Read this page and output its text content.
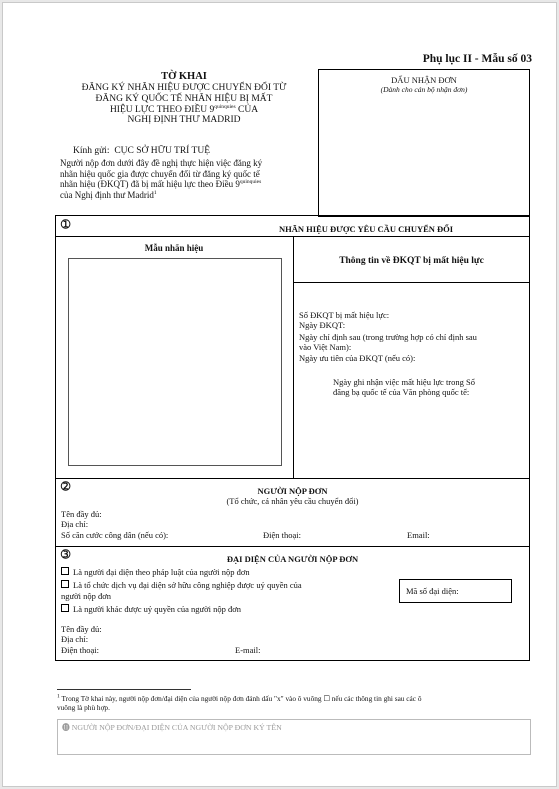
Phụ lục II - Mẫu số 03
TỜ KHAI
ĐĂNG KÝ NHÃN HIỆU ĐƯỢC CHUYỂN ĐỔI TỪ
ĐĂNG KÝ QUỐC TẾ NHÃN HIỆU BỊ MẤT
HIỆU LỰC THEO ĐIỀU $9^{quinquies}$ CỦA
NGHỊ ĐỊNH THƯ MADRID
Kính gửi: CỤC SỞ HỮU TRÍ TUỆ
Người nộp đơn dưới đây đề nghị thực hiện việc đăng ký
nhãn hiệu quốc gia được chuyển đổi từ đăng ký quốc tế
nhãn hiệu (ĐKQT) đã bị mất hiệu lực theo Điều $9^{quinquies}$
của Nghị định thư Madrid$^1$
DẤU NHẬN ĐƠN
(Dành cho cán bộ nhận đơn)
➀	NHÃN HIỆU ĐƯỢC YÊU CẦU CHUYỂN ĐỔI
Mẫu nhãn hiệu
Thông tin về ĐKQT bị mất hiệu lực
Số ĐKQT bị mất hiệu lực:
Ngày ĐKQT:
Ngày chỉ định sau (trong trường hợp có chỉ định sau
vào Việt Nam):
Ngày ưu tiên của ĐKQT (nếu có):
Ngày ghi nhận việc mất hiệu lực trong Sổ
đăng bạ quốc tế của Văn phòng quốc tế:
➁	NGƯỜI NỘP ĐƠN
(Tổ chức, cá nhân yêu cầu chuyển đổi)
Tên đầy đủ:
Địa chỉ:
Số căn cước công dân (nếu có):	Điện thoại:	Email:
➂	ĐẠI DIỆN CỦA NGƯỜI NỘP ĐƠN
Là người đại diện theo pháp luật của người nộp đơn
Là tổ chức dịch vụ đại diện sở hữu công nghiệp được uỷ quyền của
người nộp đơn
Là người khác được uỷ quyền của người nộp đơn
Mã số đại diện:
Tên đầy đủ:
Địa chỉ:
Điện thoại:	E-mail:
$^1$ Trong Tờ khai này, người nộp đơn/đại diện của người nộp đơn đánh dấu "x" vào ô vuông ☐ nếu các thông tin ghi sau các ô
vuông là phù hợp.
⓫ NGƯỜI NỘP ĐƠN/ĐẠI DIỆN CỦA NGƯỜI NỘP ĐƠN KÝ TÊN
